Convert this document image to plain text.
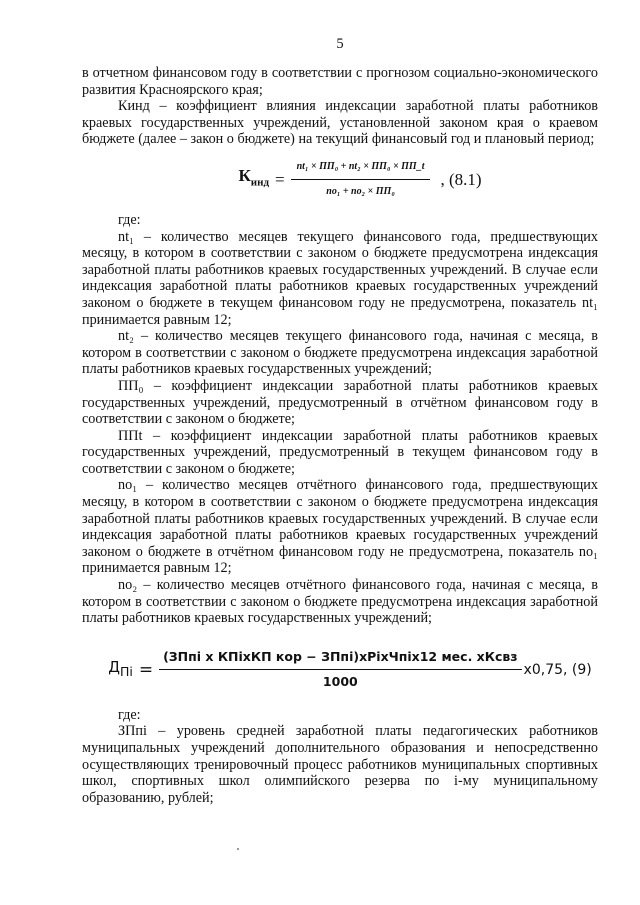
5

в отчетном финансовом году в соответствии с прогнозом социально-экономического развития Красноярского края;

Кинд – коэффициент влияния индексации заработной платы работников краевых государственных учреждений, установленной законом края о краевом бюджете (далее – закон о бюджете) на текущий финансовый год и плановый период;

$К_{инд} = \frac{\text{nt₁ × ПП₀ + nt₂ × ПП₀ × ПП\_t}}{\text{no₁ + no₂ × ПП₀}}$ , (8.1)

где:

nt₁ – количество месяцев текущего финансового года, предшествующих месяцу, в котором в соответствии с законом о бюджете предусмотрена индексация заработной платы работников краевых государственных учреждений. В случае если индексация заработной платы работников краевых государственных учреждений законом о бюджете в текущем финансовом году не предусмотрена, показатель nt₁ принимается равным 12;

nt₂ – количество месяцев текущего финансового года, начиная с месяца, в котором в соответствии с законом о бюджете предусмотрена индексация заработной платы работников краевых государственных учреждений;

ПП₀ – коэффициент индексации заработной платы работников краевых государственных учреждений, предусмотренный в отчётном финансовом году в соответствии с законом о бюджете;

ППt – коэффициент индексации заработной платы работников краевых государственных учреждений, предусмотренный в текущем финансовом году в соответствии с законом о бюджете;

no₁ – количество месяцев отчётного финансового года, предшествующих месяцу, в котором в соответствии с законом о бюджете предусмотрена индексация заработной платы работников краевых государственных учреждений. В случае если индексация заработной платы работников краевых государственных учреждений законом о бюджете в отчётном финансовом году не предусмотрена, показатель no₁ принимается равным 12;

no₂ – количество месяцев отчётного финансового года, начиная с месяца, в котором в соответствии с законом о бюджете предусмотрена индексация заработной платы работников краевых государственных учреждений;

$Д_{Пi} = \frac{\text{(ЗПпi х КПiхКП кор − ЗПпi)хPiхЧпiх12 мес. хКсвз}}{1000} х0,75$, (9)

где:

ЗПпi – уровень средней заработной платы педагогических работников муниципальных учреждений дополнительного образования и непосредственно осуществляющих тренировочный процесс работников муниципальных спортивных школ, спортивных школ олимпийского резерва по i-му муниципальному образованию, рублей;
